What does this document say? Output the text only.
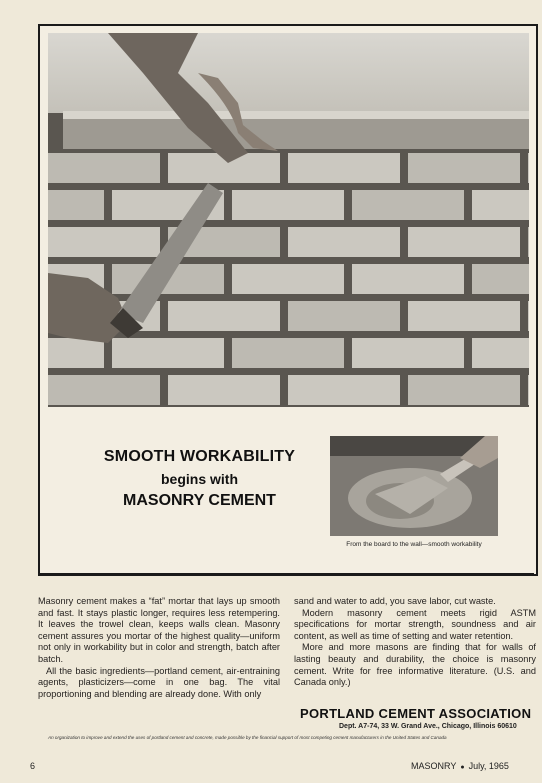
SMOOTH WORKABILITY
begins with
MASONRY CEMENT
From the board to the wall—smooth workability

Masonry cement makes a “fat” mortar that lays up smooth and fast. It stays plastic longer, requires less retempering. It leaves the trowel clean, keeps walls clean. Masonry cement assures you mortar of the highest quality—uniform not only in workability but in color and strength, batch after batch.

All the basic ingredients—portland cement, air-entraining agents, plasticizers—come in one bag. The vital proportioning and blending are already done. With only

sand and water to add, you save labor, cut waste.

Modern masonry cement meets rigid ASTM specifications for mortar strength, soundness and air content, as well as time of setting and water retention.

More and more masons are finding that for walls of lasting beauty and durability, the choice is masonry cement. Write for free informative literature. (U.S. and Canada only.)

PORTLAND CEMENT ASSOCIATION
Dept. A7-74, 33 W. Grand Ave., Chicago, Illinois 60610
An organization to improve and extend the uses of portland cement and concrete, made possible by the financial support of most competing cement manufacturers in the United States and Canada
6	MASONRY ● July, 1965
